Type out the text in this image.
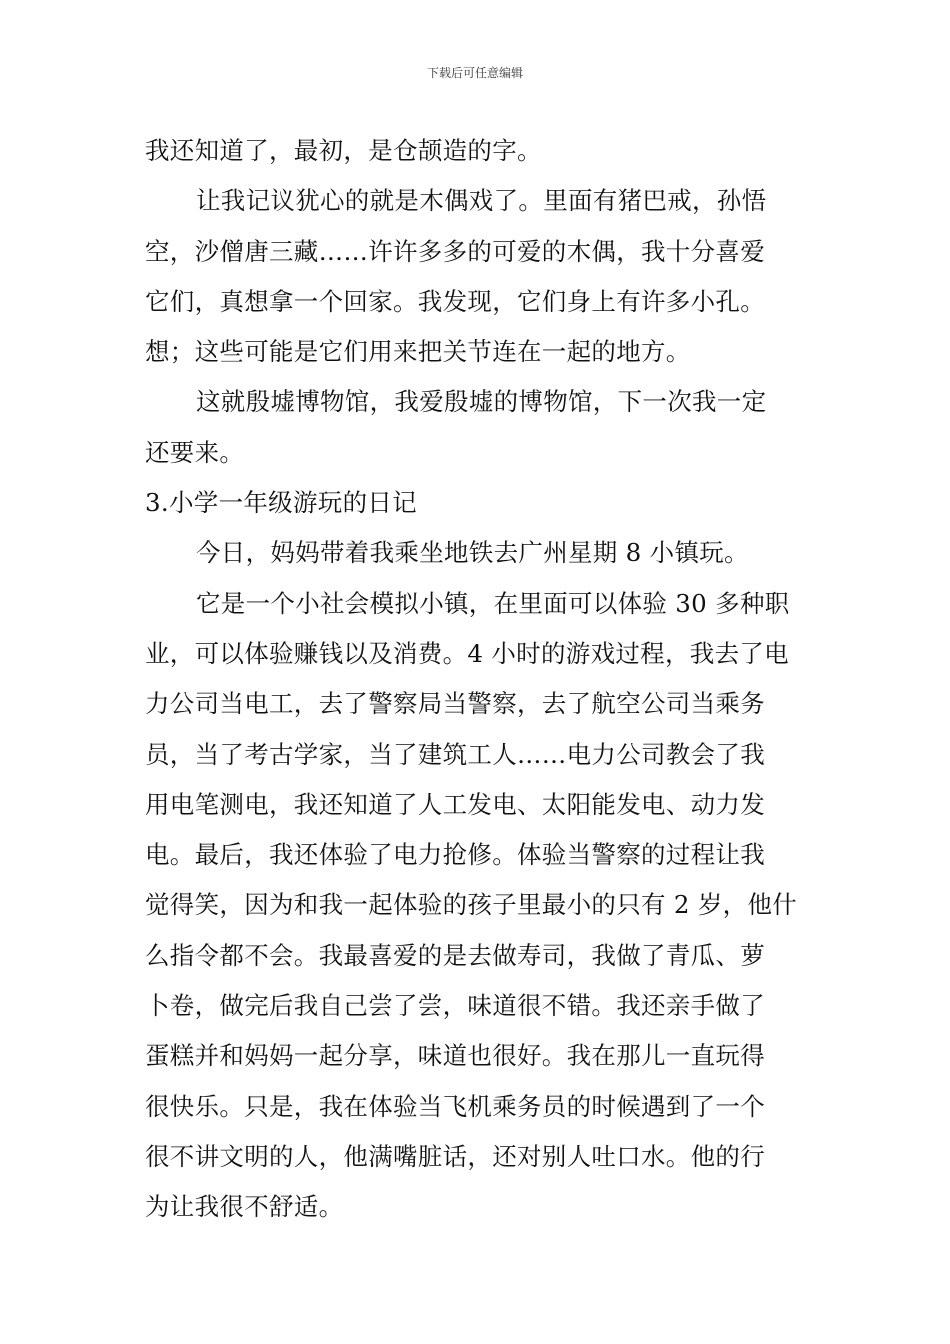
下载后可任意编辑
我还知道了，最初，是仓颉造的字。
让我记议犹心的就是木偶戏了。里面有猪巴戒，孙悟
空，沙僧唐三藏……许许多多的可爱的木偶，我十分喜爱
它们，真想拿一个回家。我发现，它们身上有许多小孔。
想；这些可能是它们用来把关节连在一起的地方。
这就殷墟博物馆，我爱殷墟的博物馆，下一次我一定
还要来。
3.小学一年级游玩的日记
今日，妈妈带着我乘坐地铁去广州星期 8 小镇玩。
它是一个小社会模拟小镇，在里面可以体验 30 多种职
业，可以体验赚钱以及消费。4 小时的游戏过程，我去了电
力公司当电工，去了警察局当警察，去了航空公司当乘务
员，当了考古学家，当了建筑工人……电力公司教会了我
用电笔测电，我还知道了人工发电、太阳能发电、动力发
电。最后，我还体验了电力抢修。体验当警察的过程让我
觉得笑，因为和我一起体验的孩子里最小的只有 2 岁，他什
么指令都不会。我最喜爱的是去做寿司，我做了青瓜、萝
卜卷，做完后我自己尝了尝，味道很不错。我还亲手做了
蛋糕并和妈妈一起分享，味道也很好。我在那儿一直玩得
很快乐。只是，我在体验当飞机乘务员的时候遇到了一个
很不讲文明的人，他满嘴脏话，还对别人吐口水。他的行
为让我很不舒适。
